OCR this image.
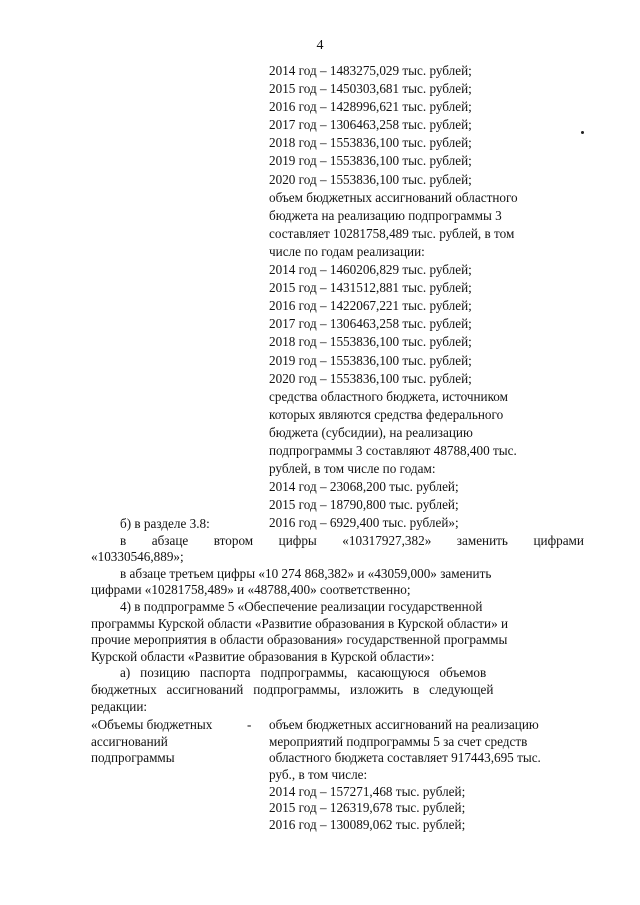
4
2014 год – 1483275,029 тыс. рублей;
2015 год – 1450303,681 тыс. рублей;
2016 год – 1428996,621 тыс. рублей;
2017 год – 1306463,258 тыс. рублей;
2018 год – 1553836,100 тыс. рублей;
2019 год – 1553836,100 тыс. рублей;
2020 год – 1553836,100 тыс. рублей;
объем бюджетных ассигнований областного
бюджета на реализацию подпрограммы 3
составляет 10281758,489 тыс. рублей, в том
числе по годам реализации:
2014 год – 1460206,829 тыс. рублей;
2015 год – 1431512,881 тыс. рублей;
2016 год – 1422067,221 тыс. рублей;
2017 год – 1306463,258 тыс. рублей;
2018 год – 1553836,100 тыс. рублей;
2019 год – 1553836,100 тыс. рублей;
2020 год – 1553836,100 тыс. рублей;
средства областного бюджета, источником
которых являются средства федерального
бюджета (субсидии), на реализацию
подпрограммы 3 составляют 48788,400 тыс.
рублей, в том числе по годам:
2014 год – 23068,200 тыс. рублей;
2015 год – 18790,800 тыс. рублей;
2016 год – 6929,400 тыс. рублей»;

б) в разделе 3.8:

в абзаце втором цифры «10317927,382» заменить цифрами

«10330546,889»;

в абзаце третьем цифры «10 274 868,382» и «43059,000» заменить

цифрами «10281758,489» и «48788,400» соответственно;

4) в подпрограмме 5 «Обеспечение реализации государственной

программы Курской области «Развитие образования в Курской области» и

прочие мероприятия в области образования» государственной программы

Курской области «Развитие образования в Курской области»:

а)   позицию   паспорта   подпрограммы,   касающуюся   объемов

бюджетных   ассигнований   подпрограммы,   изложить   в   следующей

редакции:

«Объемы бюджетных
ассигнований
подпрограммы
- объем бюджетных ассигнований на реализацию

мероприятий подпрограммы 5 за счет средств

областного бюджета составляет 917443,695 тыс.

руб., в том числе:

2014 год – 157271,468 тыс. рублей;

2015 год – 126319,678 тыс. рублей;

2016 год – 130089,062 тыс. рублей;
